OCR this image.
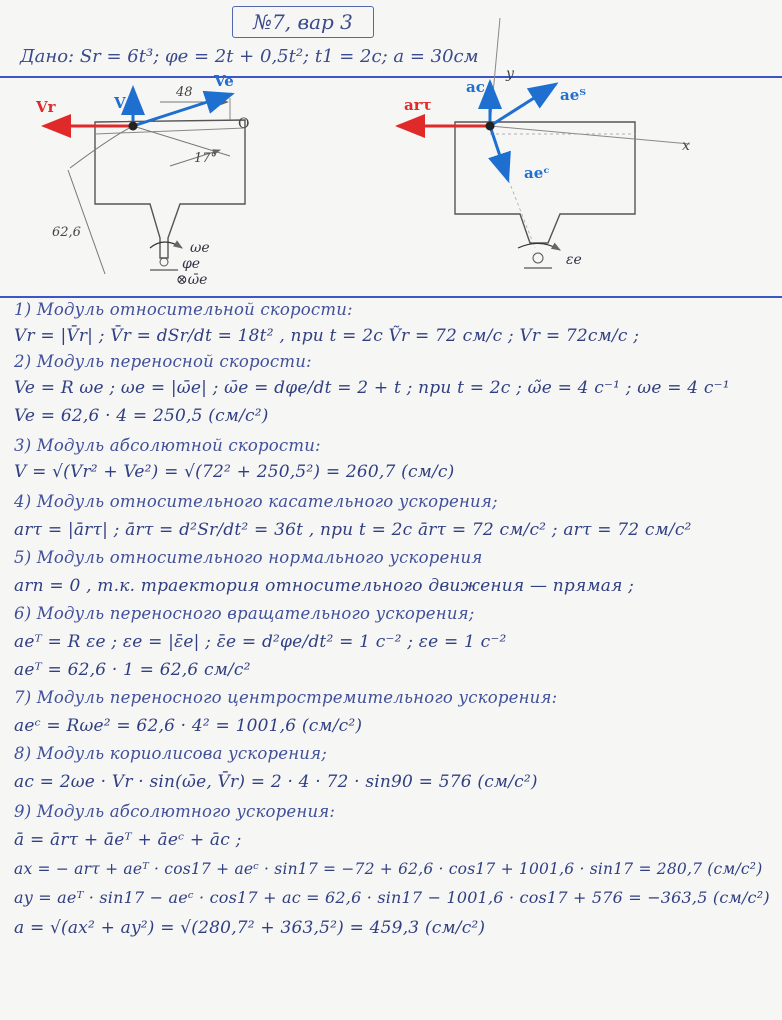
№7, вар 3
Дано: Sr = 6t³; φe = 2t + 0,5t²; t1 = 2c; a = 30см
48
O
17°
62,6
ωe
φe
⊗ω̄e
Vr	V
Ve
x
y
εe
arτ
ac	aeᵀ
aeᶜ
1) Модуль относительной скорости:
Vr = |V̄r| ; V̄r = dSr/dt = 18t² , при t = 2c Ṽr = 72 см/с ; Vr = 72см/с ;
2) Модуль переносной скорости:
Ve = R ωe ; ωe = |ω̄e| ; ω̄e = dφe/dt = 2 + t ; при t = 2c ; ω̃e = 4 c⁻¹ ; ωe = 4 c⁻¹
Ve = 62,6 · 4 = 250,5 (см/с²)
3) Модуль абсолютной скорости:
V = √(Vr² + Ve²) = √(72² + 250,5²) = 260,7 (см/с)
4) Модуль относительного касательного ускорения;
arτ = |ārτ| ; ārτ = d²Sr/dt² = 36t , при t = 2c ārτ = 72 см/с² ; arτ = 72 см/с²
5) Модуль относительного нормального ускорения
arn = 0 , т.к. траектория относительного движения — прямая ;
6) Модуль переносного вращательного ускорения;
aeᵀ = R εe ; εe = |ε̄e| ; ε̄e = d²φe/dt² = 1 c⁻² ; εe = 1 c⁻²
aeᵀ = 62,6 · 1 = 62,6 см/с²
7) Модуль переносного центростремительного ускорения:
aeᶜ = Rωe² = 62,6 · 4² = 1001,6 (см/с²)
8) Модуль кориолисова ускорения;
ac = 2ωe · Vr · sin(ω̄e, V̄r) = 2 · 4 · 72 · sin90 = 576 (см/с²)
9) Модуль абсолютного ускорения:
ā = ārτ + āeᵀ + āeᶜ + āc ;
ax = − arτ + aeᵀ · cos17 + aeᶜ · sin17 = −72 + 62,6 · cos17 + 1001,6 · sin17 = 280,7 (см/с²)
ay = aeᵀ · sin17 − aeᶜ · cos17 + ac = 62,6 · sin17 − 1001,6 · cos17 + 576 = −363,5 (см/с²)
a = √(ax² + ay²) = √(280,7² + 363,5²) = 459,3 (см/с²)
